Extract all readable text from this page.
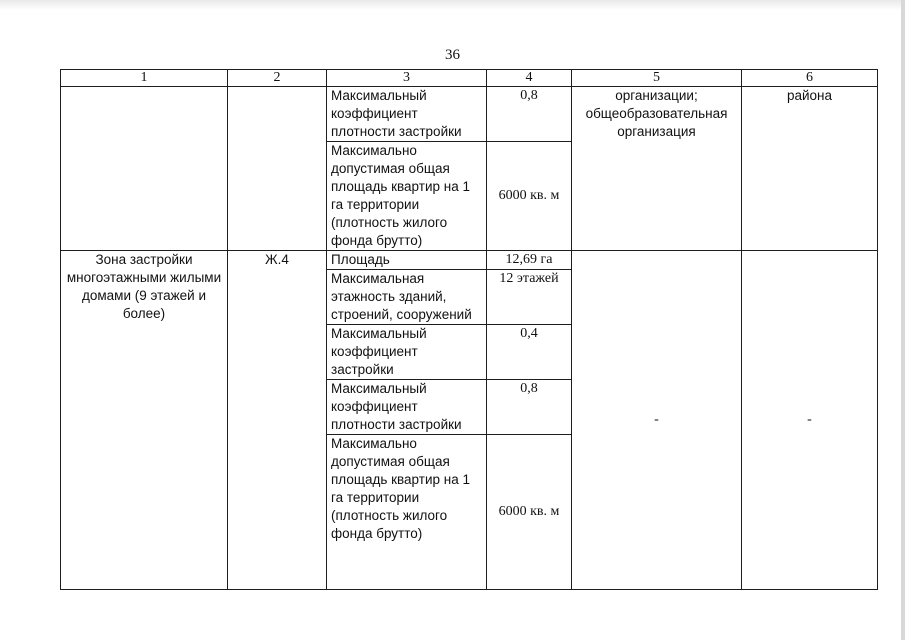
36
1	2	3	4	5	6
		Максимальный коэффициент плотности застройки	0,8	организации; общеобразовательная организация	района
		Максимально допустимая общая площадь квартир на 1 га территории (плотность жилого фонда брутто)	6000 кв. м		
Зона застройки многоэтажными жилыми домами (9 этажей и более)	Ж.4	Площадь	12,69 га	-	-
		Максимальная этажность зданий, строений, сооружений	12 этажей		
		Максимальный коэффициент застройки	0,4		
		Максимальный коэффициент плотности застройки	0,8		
		Максимально допустимая общая площадь квартир на 1 га территории (плотность жилого фонда брутто)	6000 кв. м		
